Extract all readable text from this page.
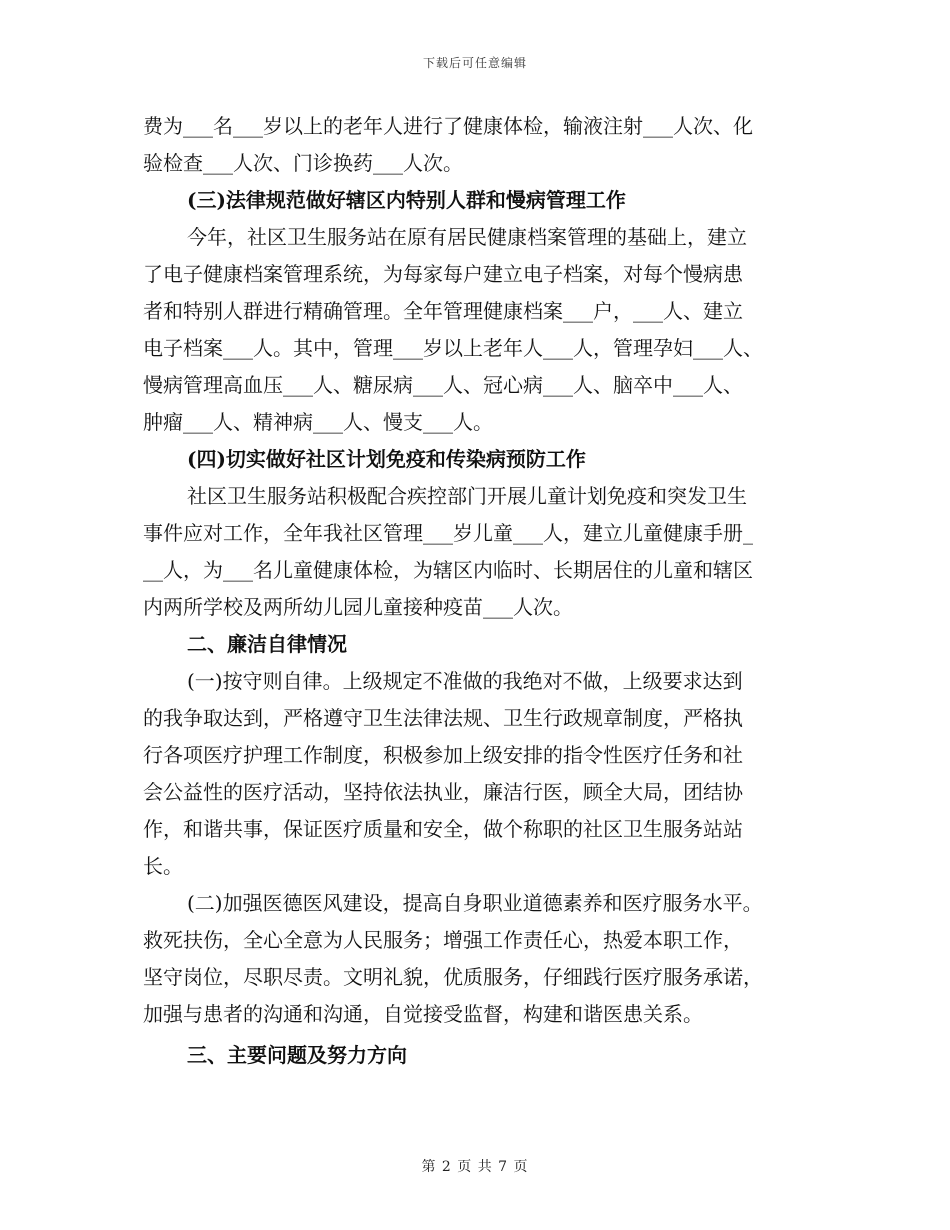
下载后可任意编辑
费为___名___岁以上的老年人进行了健康体检，输液注射___人次、化
验检查___人次、门诊换药___人次。
(三)法律规范做好辖区内特别人群和慢病管理工作
今年，社区卫生服务站在原有居民健康档案管理的基础上，建立
了电子健康档案管理系统，为每家每户建立电子档案，对每个慢病患
者和特别人群进行精确管理。全年管理健康档案___户，___人、建立
电子档案___人。其中，管理___岁以上老年人___人，管理孕妇___人、
慢病管理高血压___人、糖尿病___人、冠心病___人、脑卒中___人、
肿瘤___人、精神病___人、慢支___人。
(四)切实做好社区计划免疫和传染病预防工作
社区卫生服务站积极配合疾控部门开展儿童计划免疫和突发卫生
事件应对工作，全年我社区管理___岁儿童___人，建立儿童健康手册_
__人，为___名儿童健康体检，为辖区内临时、长期居住的儿童和辖区
内两所学校及两所幼儿园儿童接种疫苗___人次。
二、廉洁自律情况
(一)按守则自律。上级规定不准做的我绝对不做，上级要求达到
的我争取达到，严格遵守卫生法律法规、卫生行政规章制度，严格执
行各项医疗护理工作制度，积极参加上级安排的指令性医疗任务和社
会公益性的医疗活动，坚持依法执业，廉洁行医，顾全大局，团结协
作，和谐共事，保证医疗质量和安全，做个称职的社区卫生服务站站
长。
(二)加强医德医风建设，提高自身职业道德素养和医疗服务水平。
救死扶伤，全心全意为人民服务；增强工作责任心，热爱本职工作，
坚守岗位，尽职尽责。文明礼貌，优质服务，仔细践行医疗服务承诺，
加强与患者的沟通和沟通，自觉接受监督，构建和谐医患关系。
三、主要问题及努力方向
第 2 页 共 7 页
